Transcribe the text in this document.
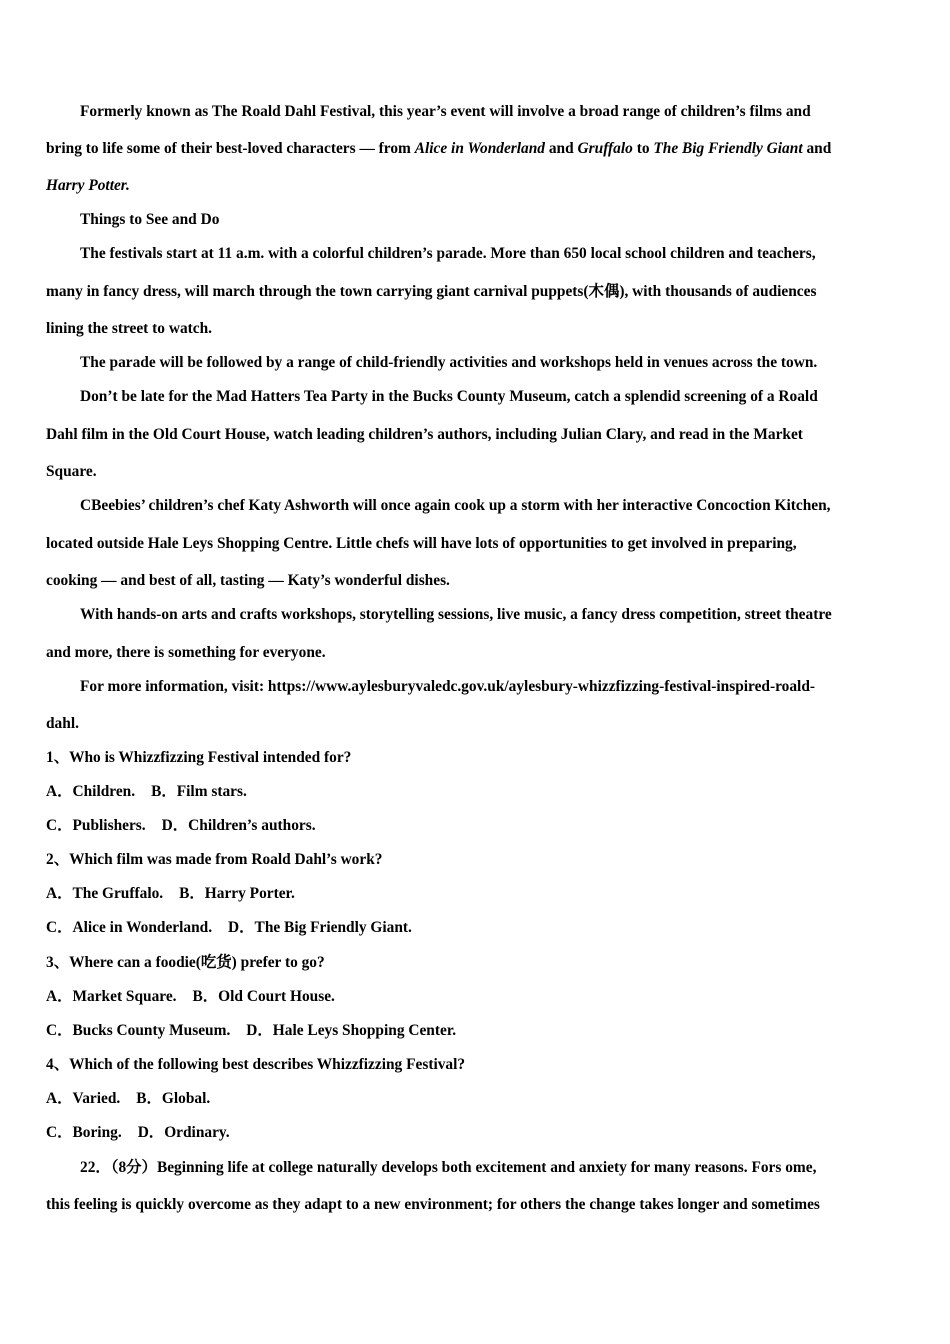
Formerly known as The Roald Dahl Festival, this year’s event will involve a broad range of children’s films and
bring to life some of their best-loved characters — from Alice in Wonderland and Gruffalo to The Big Friendly Giant and
Harry Potter.
Things to See and Do
The festivals start at 11 a.m. with a colorful children’s parade. More than 650 local school children and teachers,
many in fancy dress, will march through the town carrying giant carnival puppets(木偶), with thousands of audiences
lining the street to watch.
The parade will be followed by a range of child-friendly activities and workshops held in venues across the town.
Don’t be late for the Mad Hatters Tea Party in the Bucks County Museum, catch a splendid screening of a Roald
Dahl film in the Old Court House, watch leading children’s authors, including Julian Clary, and read in the Market
Square.
CBeebies’ children’s chef Katy Ashworth will once again cook up a storm with her interactive Concoction Kitchen,
located outside Hale Leys Shopping Centre. Little chefs will have lots of opportunities to get involved in preparing,
cooking — and best of all, tasting — Katy’s wonderful dishes.
With hands-on arts and crafts workshops, storytelling sessions, live music, a fancy dress competition, street theatre
and more, there is something for everyone.
For more information, visit: https://www.aylesburyvaledc.gov.uk/aylesbury-whizzfizzing-festival-inspired-roald-
dahl.
1、Who is Whizzfizzing Festival intended for?
A．Children. B．Film stars.
C．Publishers. D．Children’s authors.
2、Which film was made from Roald Dahl’s work?
A．The Gruffalo. B．Harry Porter.
C．Alice in Wonderland. D．The Big Friendly Giant.
3、Where can a foodie(吃货) prefer to go?
A．Market Square. B．Old Court House.
C．Bucks County Museum. D．Hale Leys Shopping Center.
4、Which of the following best describes Whizzfizzing Festival?
A．Varied. B．Global.
C．Boring. D．Ordinary.
22．（8分）Beginning life at college naturally develops both excitement and anxiety for many reasons. Fors ome,
this feeling is quickly overcome as they adapt to a new environment; for others the change takes longer and sometimes
